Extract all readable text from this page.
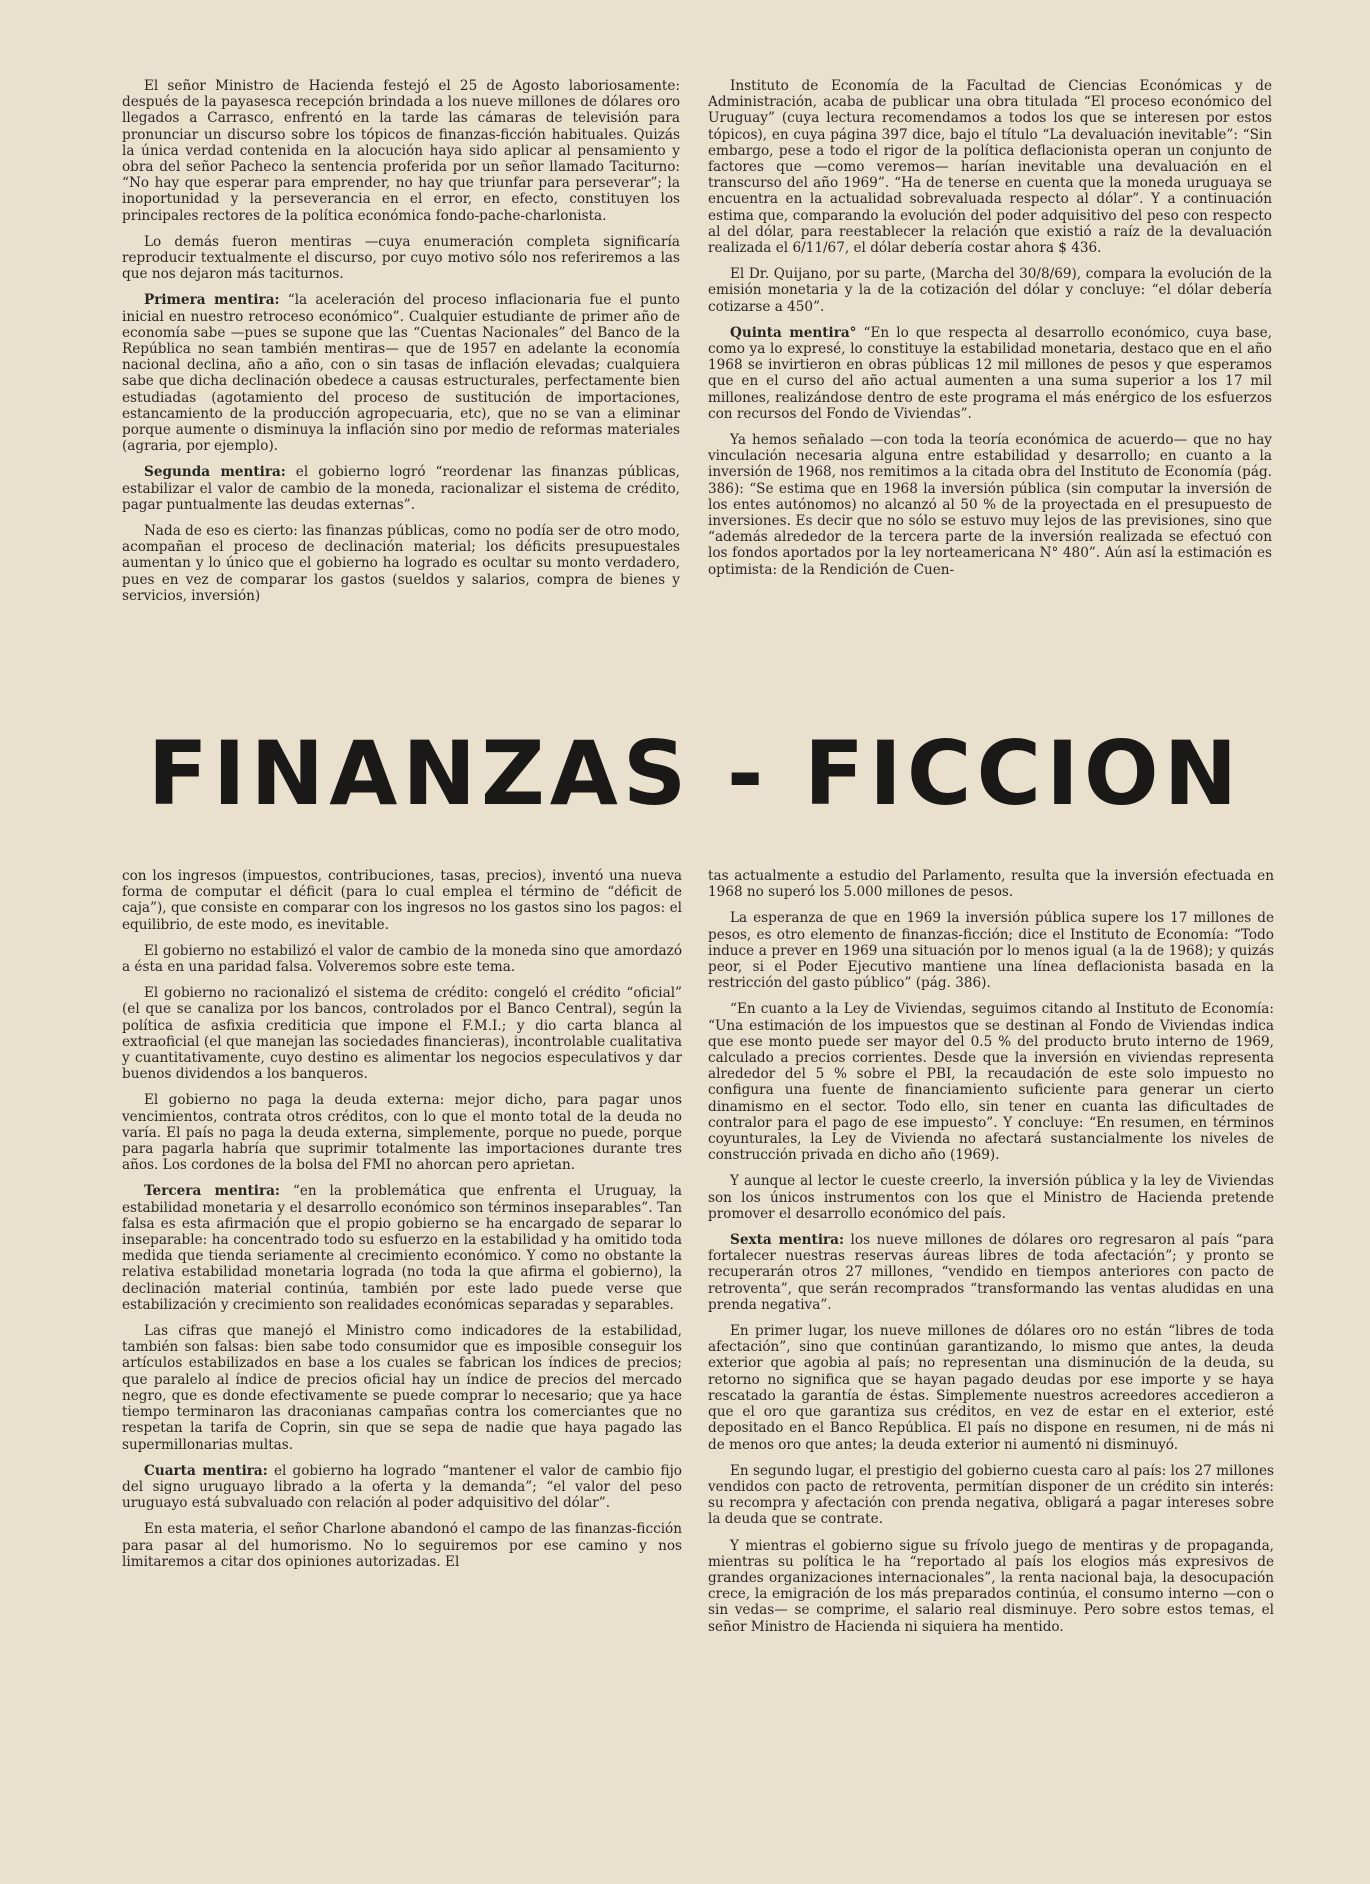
El señor Ministro de Hacienda festejó el 25 de Agosto laboriosamente: después de la payasesca recepción brindada a los nueve millones de dólares oro llegados a Carrasco, enfrentó en la tarde las cámaras de televisión para pronunciar un discurso sobre los tópicos de finanzas-ficción habituales. Quizás la única verdad contenida en la alocución haya sido aplicar al pensamiento y obra del señor Pacheco la sentencia proferida por un señor llamado Taciturno: “No hay que esperar para emprender, no hay que triunfar para perseverar”; la inoportunidad y la perseverancia en el error, en efecto, constituyen los principales rectores de la política económica fondo-pache-charlonista.

Lo demás fueron mentiras —cuya enumeración completa significaría reproducir textualmente el discurso, por cuyo motivo sólo nos referiremos a las que nos dejaron más taciturnos.

Primera mentira: “la aceleración del proceso inflacionaria fue el punto inicial en nuestro retroceso económico”. Cualquier estudiante de primer año de economía sabe —pues se supone que las “Cuentas Nacionales” del Banco de la República no sean también mentiras— que de 1957 en adelante la economía nacional declina, año a año, con o sin tasas de inflación elevadas; cualquiera sabe que dicha declinación obedece a causas estructurales, perfectamente bien estudiadas (agotamiento del proceso de sustitución de importaciones, estancamiento de la producción agropecuaria, etc), que no se van a eliminar porque aumente o disminuya la inflación sino por medio de reformas materiales (agraria, por ejemplo).

Segunda mentira: el gobierno logró “reordenar las finanzas públicas, estabilizar el valor de cambio de la moneda, racionalizar el sistema de crédito, pagar puntualmente las deudas externas”.

Nada de eso es cierto: las finanzas públicas, como no podía ser de otro modo, acompañan el proceso de declinación material; los déficits presupuestales aumentan y lo único que el gobierno ha logrado es ocultar su monto verdadero, pues en vez de comparar los gastos (sueldos y salarios, compra de bienes y servicios, inversión)

Instituto de Economía de la Facultad de Ciencias Económicas y de Administración, acaba de publicar una obra titulada “El proceso económico del Uruguay” (cuya lectura recomendamos a todos los que se interesen por estos tópicos), en cuya página 397 dice, bajo el título “La devaluación inevitable”: “Sin embargo, pese a todo el rigor de la política deflacionista operan un conjunto de factores que —como veremos— harían inevitable una devaluación en el transcurso del año 1969”. “Ha de tenerse en cuenta que la moneda uruguaya se encuentra en la actualidad sobrevaluada respecto al dólar”. Y a continuación estima que, comparando la evolución del poder adquisitivo del peso con respecto al del dólar, para reestablecer la relación que existió a raíz de la devaluación realizada el 6/11/67, el dólar debería costar ahora $ 436.

El Dr. Quijano, por su parte, (Marcha del 30/8/69), compara la evolución de la emisión monetaria y la de la cotización del dólar y concluye: “el dólar debería cotizarse a 450”.

Quinta mentira° “En lo que respecta al desarrollo económico, cuya base, como ya lo expresé, lo constituye la estabilidad monetaria, destaco que en el año 1968 se invirtieron en obras públicas 12 mil millones de pesos y que esperamos que en el curso del año actual aumenten a una suma superior a los 17 mil millones, realizándose dentro de este programa el más enérgico de los esfuerzos con recursos del Fondo de Viviendas”.

Ya hemos señalado —con toda la teoría económica de acuerdo— que no hay vinculación necesaria alguna entre estabilidad y desarrollo; en cuanto a la inversión de 1968, nos remitimos a la citada obra del Instituto de Economía (pág. 386): “Se estima que en 1968 la inversión pública (sin computar la inversión de los entes autónomos) no alcanzó al 50 % de la proyectada en el presupuesto de inversiones. Es decir que no sólo se estuvo muy lejos de las previsiones, sino que “además alrededor de la tercera parte de la inversión realizada se efectuó con los fondos aportados por la ley norteamericana N° 480”. Aún así la estimación es optimista: de la Rendición de Cuen-

FINANZAS - FICCION

con los ingresos (impuestos, contribuciones, tasas, precios), inventó una nueva forma de computar el déficit (para lo cual emplea el término de “déficit de caja”), que consiste en comparar con los ingresos no los gastos sino los pagos: el equilibrio, de este modo, es inevitable.

El gobierno no estabilizó el valor de cambio de la moneda sino que amordazó a ésta en una paridad falsa. Volveremos sobre este tema.

El gobierno no racionalizó el sistema de crédito: congeló el crédito “oficial” (el que se canaliza por los bancos, controlados por el Banco Central), según la política de asfixia crediticia que impone el F.M.I.; y dio carta blanca al extraoficial (el que manejan las sociedades financieras), incontrolable cualitativa y cuantitativamente, cuyo destino es alimentar los negocios especulativos y dar buenos dividendos a los banqueros.

El gobierno no paga la deuda externa: mejor dicho, para pagar unos vencimientos, contrata otros créditos, con lo que el monto total de la deuda no varía. El país no paga la deuda externa, simplemente, porque no puede, porque para pagarla habría que suprimir totalmente las importaciones durante tres años. Los cordones de la bolsa del FMI no ahorcan pero aprietan.

Tercera mentira: “en la problemática que enfrenta el Uruguay, la estabilidad monetaria y el desarrollo económico son términos inseparables”. Tan falsa es esta afirmación que el propio gobierno se ha encargado de separar lo inseparable: ha concentrado todo su esfuerzo en la estabilidad y ha omitido toda medida que tienda seriamente al crecimiento económico. Y como no obstante la relativa estabilidad monetaria lograda (no toda la que afirma el gobierno), la declinación material continúa, también por este lado puede verse que estabilización y crecimiento son realidades económicas separadas y separables.

Las cifras que manejó el Ministro como indicadores de la estabilidad, también son falsas: bien sabe todo consumidor que es imposible conseguir los artículos estabilizados en base a los cuales se fabrican los índices de precios; que paralelo al índice de precios oficial hay un índice de precios del mercado negro, que es donde efectivamente se puede comprar lo necesario; que ya hace tiempo terminaron las draconianas campañas contra los comerciantes que no respetan la tarifa de Coprin, sin que se sepa de nadie que haya pagado las supermillonarias multas.

Cuarta mentira: el gobierno ha logrado “mantener el valor de cambio fijo del signo uruguayo librado a la oferta y la demanda”; “el valor del peso uruguayo está subvaluado con relación al poder adquisitivo del dólar”.

En esta materia, el señor Charlone abandonó el campo de las finanzas-ficción para pasar al del humorismo. No lo seguiremos por ese camino y nos limitaremos a citar dos opiniones autorizadas. El

tas actualmente a estudio del Parlamento, resulta que la inversión efectuada en 1968 no superó los 5.000 millones de pesos.

La esperanza de que en 1969 la inversión pública supere los 17 millones de pesos, es otro elemento de finanzas-ficción; dice el Instituto de Economía: “Todo induce a prever en 1969 una situación por lo menos igual (a la de 1968); y quizás peor, si el Poder Ejecutivo mantiene una línea deflacionista basada en la restricción del gasto público” (pág. 386).

“En cuanto a la Ley de Viviendas, seguimos citando al Instituto de Economía: “Una estimación de los impuestos que se destinan al Fondo de Viviendas indica que ese monto puede ser mayor del 0.5 % del producto bruto interno de 1969, calculado a precios corrientes. Desde que la inversión en viviendas representa alrededor del 5 % sobre el PBI, la recaudación de este solo impuesto no configura una fuente de financiamiento suficiente para generar un cierto dinamismo en el sector. Todo ello, sin tener en cuanta las dificultades de contralor para el pago de ese impuesto”. Y concluye: “En resumen, en términos coyunturales, la Ley de Vivienda no afectará sustancialmente los niveles de construcción privada en dicho año (1969).

Y aunque al lector le cueste creerlo, la inversión pública y la ley de Viviendas son los únicos instrumentos con los que el Ministro de Hacienda pretende promover el desarrollo económico del país.

Sexta mentira: los nueve millones de dólares oro regresaron al país “para fortalecer nuestras reservas áureas libres de toda afectación”; y pronto se recuperarán otros 27 millones, “vendido en tiempos anteriores con pacto de retroventa”, que serán recomprados “transformando las ventas aludidas en una prenda negativa”.

En primer lugar, los nueve millones de dólares oro no están “libres de toda afectación”, sino que continúan garantizando, lo mismo que antes, la deuda exterior que agobia al país; no representan una disminución de la deuda, su retorno no significa que se hayan pagado deudas por ese importe y se haya rescatado la garantía de éstas. Simplemente nuestros acreedores accedieron a que el oro que garantiza sus créditos, en vez de estar en el exterior, esté depositado en el Banco República. El país no dispone en resumen, ni de más ni de menos oro que antes; la deuda exterior ni aumentó ni disminuyó.

En segundo lugar, el prestigio del gobierno cuesta caro al país: los 27 millones vendidos con pacto de retroventa, permitían disponer de un crédito sin interés: su recompra y afectación con prenda negativa, obligará a pagar intereses sobre la deuda que se contrate.

Y mientras el gobierno sigue su frívolo juego de mentiras y de propaganda, mientras su política le ha “reportado al país los elogios más expresivos de grandes organizaciones internacionales”, la renta nacional baja, la desocupación crece, la emigración de los más preparados continúa, el consumo interno —con o sin vedas— se comprime, el salario real disminuye. Pero sobre estos temas, el señor Ministro de Hacienda ni siquiera ha mentido.
